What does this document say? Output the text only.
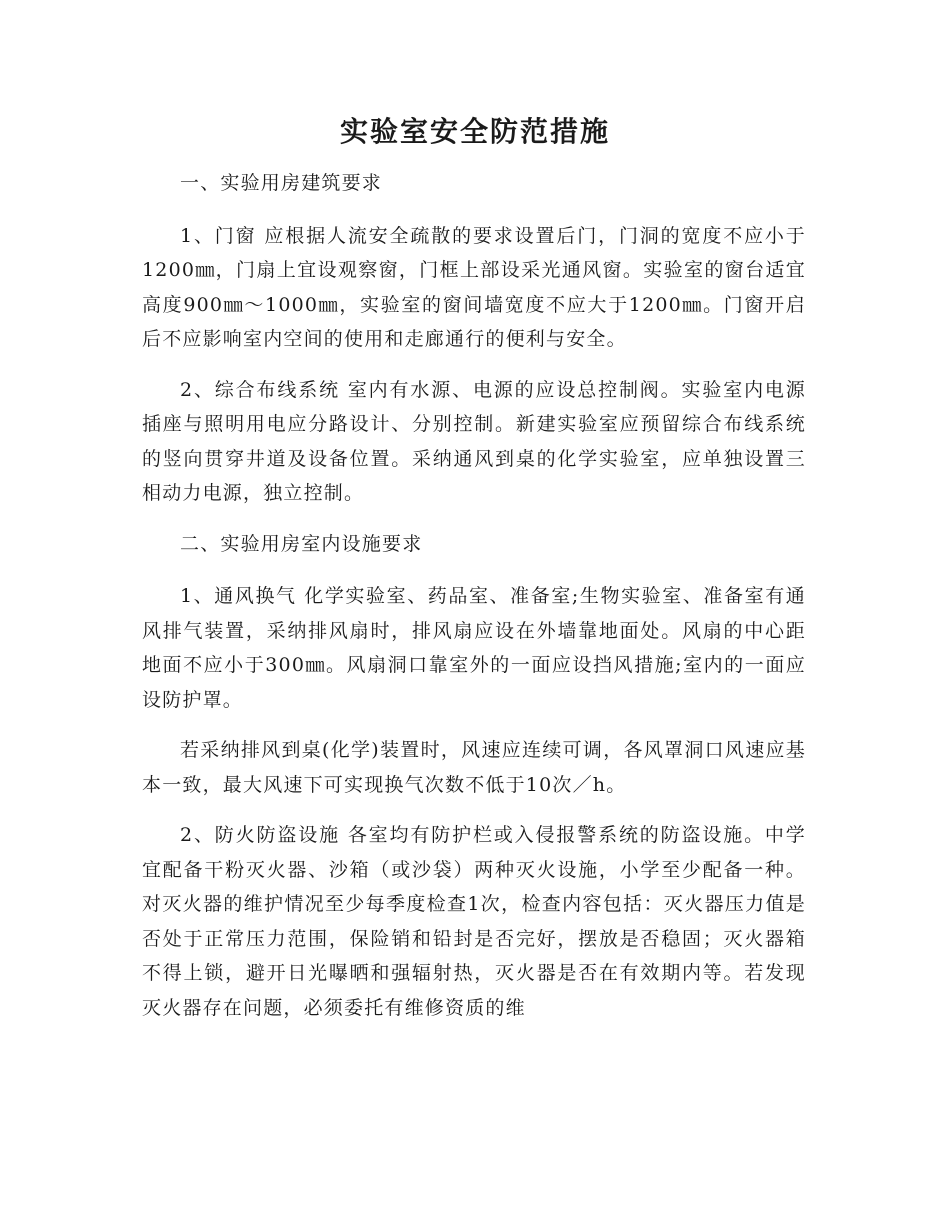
实验室安全防范措施

一、实验用房建筑要求

1、门窗 应根据人流安全疏散的要求设置后门，门洞的宽度不应小于1200㎜，门扇上宜设观察窗，门框上部设采光通风窗。实验室的窗台适宜高度900㎜～1000㎜，实验室的窗间墙宽度不应大于1200㎜。门窗开启后不应影响室内空间的使用和走廊通行的便利与安全。

2、综合布线系统 室内有水源、电源的应设总控制阀。实验室内电源插座与照明用电应分路设计、分别控制。新建实验室应预留综合布线系统的竖向贯穿井道及设备位置。采纳通风到桌的化学实验室，应单独设置三相动力电源，独立控制。

二、实验用房室内设施要求

1、通风换气 化学实验室、药品室、准备室;生物实验室、准备室有通风排气装置，采纳排风扇时，排风扇应设在外墙靠地面处。风扇的中心距地面不应小于300㎜。风扇洞口靠室外的一面应设挡风措施;室内的一面应设防护罩。

若采纳排风到桌(化学)装置时，风速应连续可调，各风罩洞口风速应基本一致，最大风速下可实现换气次数不低于10次／h。

2、防火防盗设施 各室均有防护栏或入侵报警系统的防盗设施。中学宜配备干粉灭火器、沙箱（或沙袋）两种灭火设施，小学至少配备一种。对灭火器的维护情况至少每季度检查1次，检查内容包括：灭火器压力值是否处于正常压力范围，保险销和铅封是否完好，摆放是否稳固；灭火器箱不得上锁，避开日光曝晒和强辐射热，灭火器是否在有效期内等。若发现灭火器存在问题，必须委托有维修资质的维
